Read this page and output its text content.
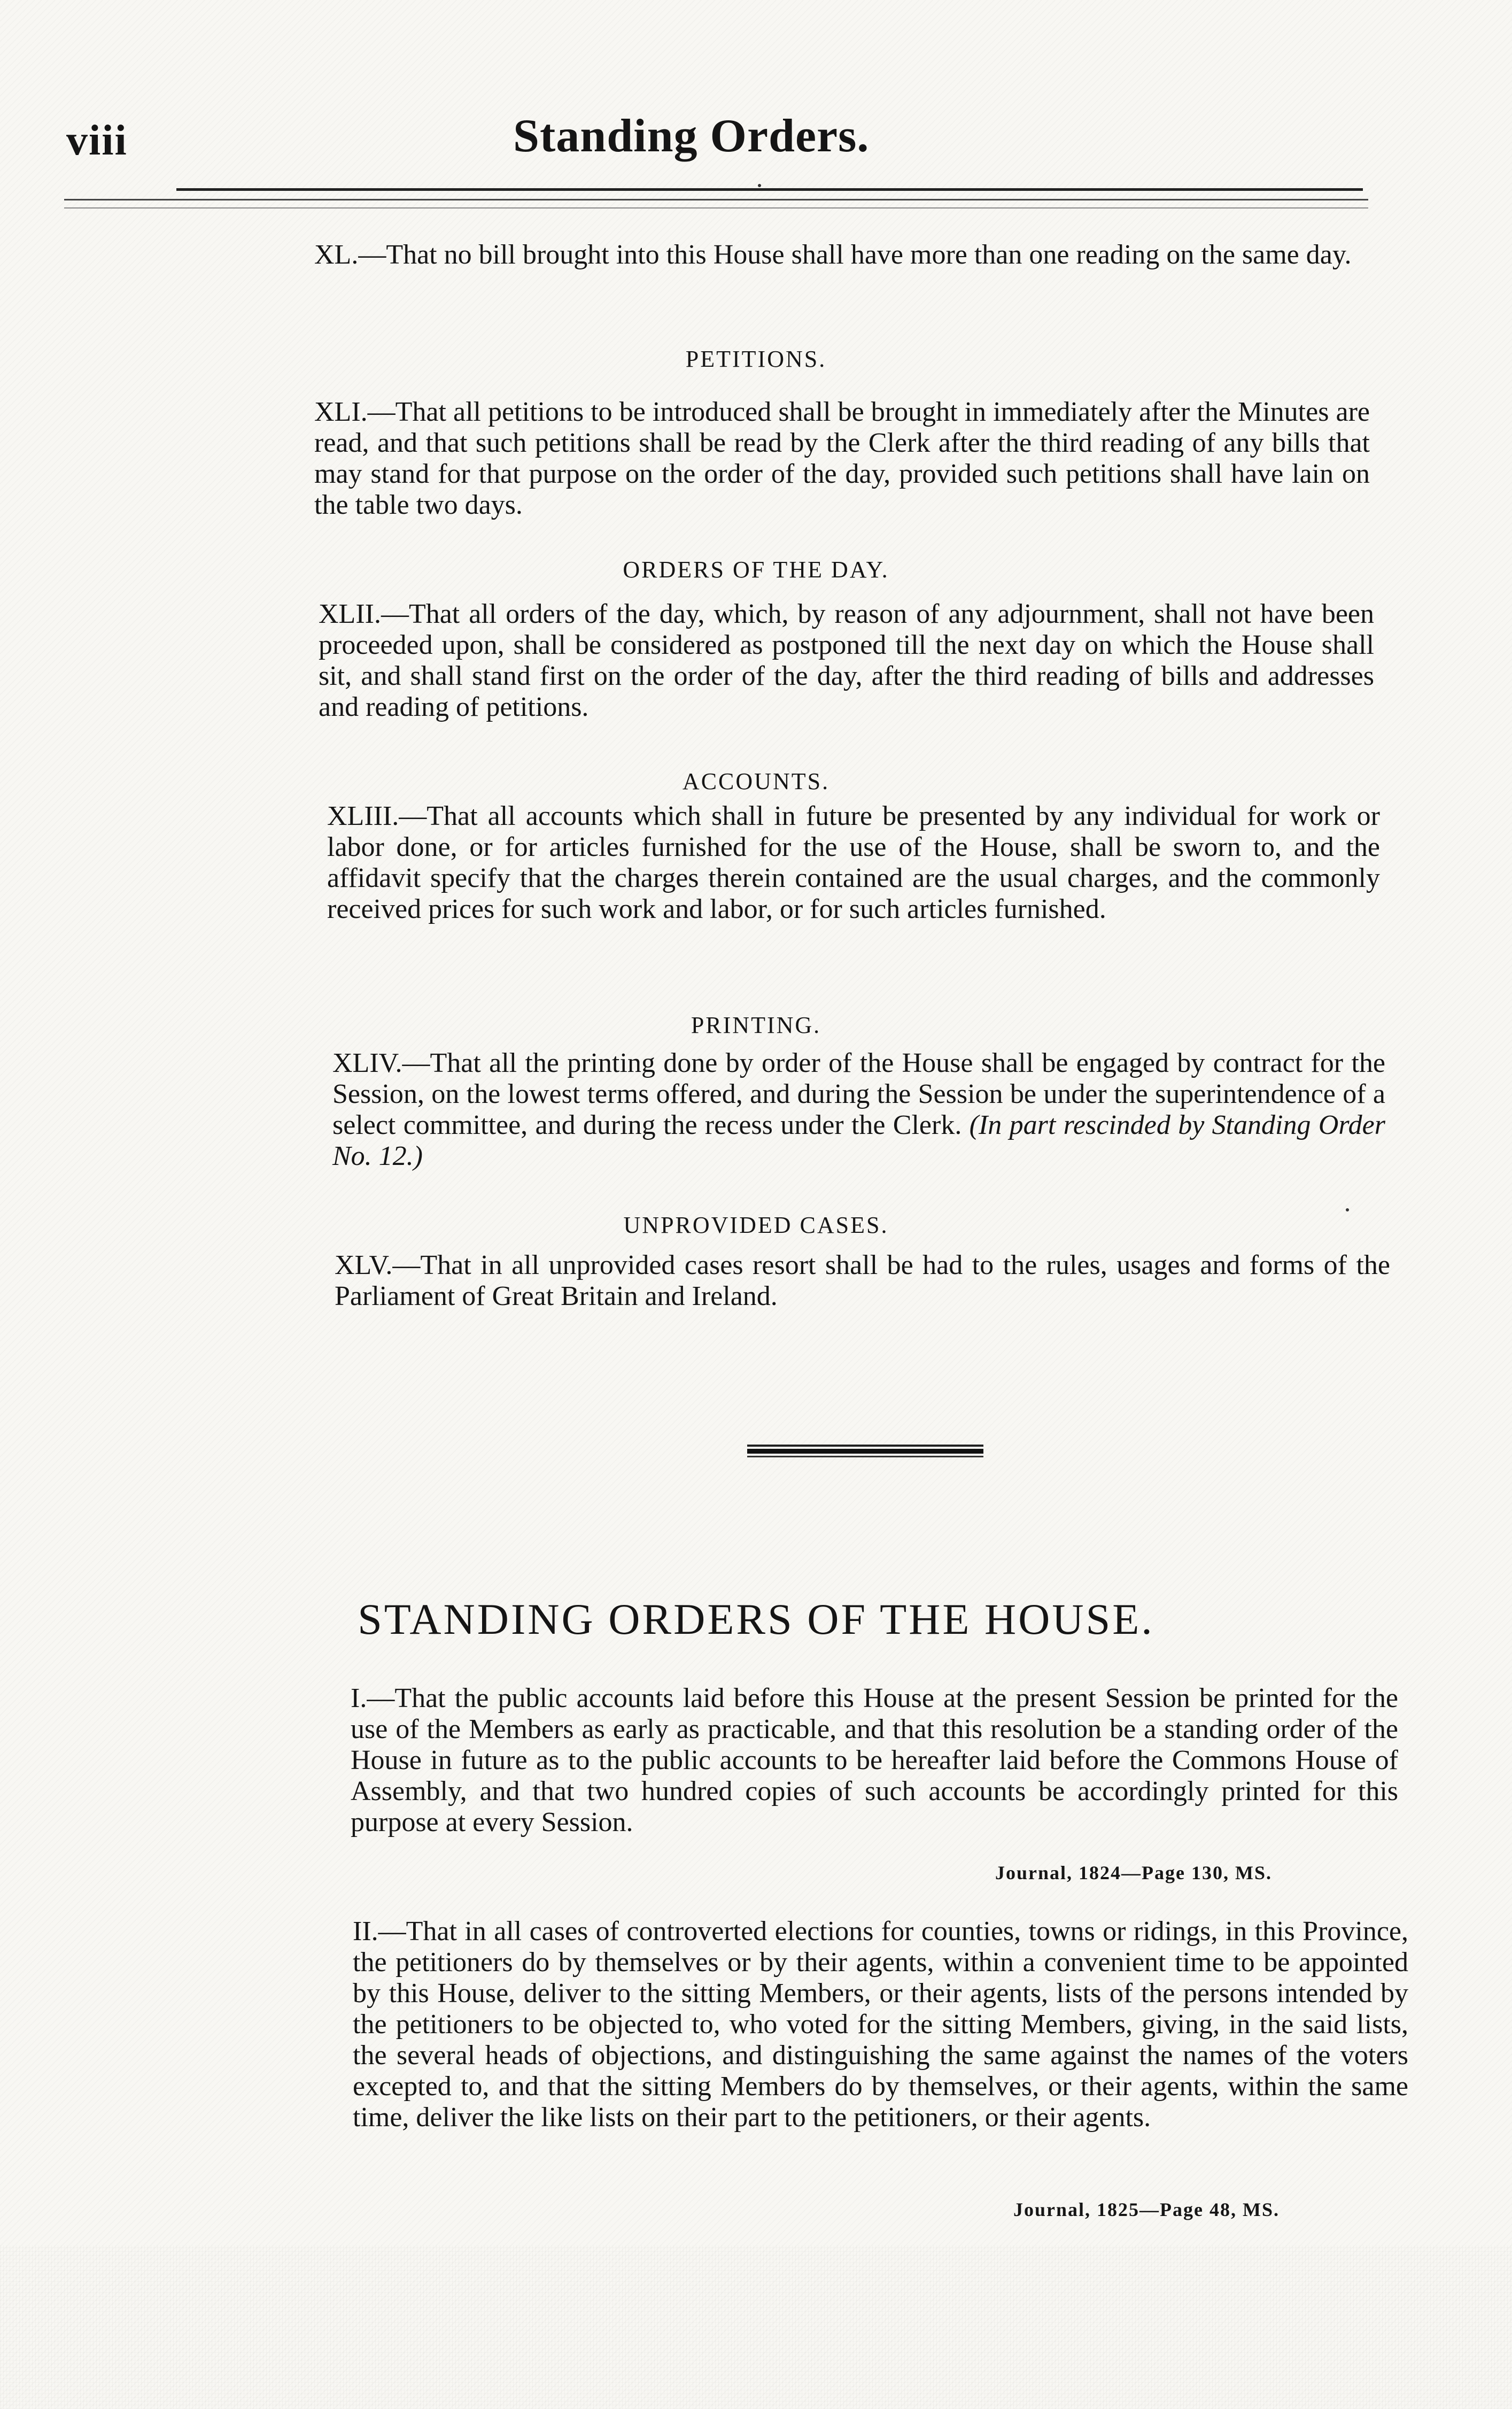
viii	Standing Orders.
XL.—That no bill brought into this House shall have more than one reading on the same day.
PETITIONS.
XLI.—That all petitions to be introduced shall be brought in immediately after the Minutes are read, and that such petitions shall be read by the Clerk after the third reading of any bills that may stand for that purpose on the order of the day, provided such petitions shall have lain on the table two days.
ORDERS OF THE DAY.
XLII.—That all orders of the day, which, by reason of any adjournment, shall not have been proceeded upon, shall be considered as postponed till the next day on which the House shall sit, and shall stand first on the order of the day, after the third reading of bills and addresses and reading of petitions.
ACCOUNTS.
XLIII.—That all accounts which shall in future be presented by any individual for work or labor done, or for articles furnished for the use of the House, shall be sworn to, and the affidavit specify that the charges therein contained are the usual charges, and the commonly received prices for such work and labor, or for such articles furnished.
PRINTING.
XLIV.—That all the printing done by order of the House shall be engaged by contract for the Session, on the lowest terms offered, and during the Session be under the superintendence of a select committee, and during the recess under the Clerk. (In part rescinded by Standing Order No. 12.)
UNPROVIDED CASES.
XLV.—That in all unprovided cases resort shall be had to the rules, usages and forms of the Parliament of Great Britain and Ireland.
STANDING ORDERS OF THE HOUSE.
I.—That the public accounts laid before this House at the present Session be printed for the use of the Members as early as practicable, and that this resolution be a standing order of the House in future as to the public accounts to be hereafter laid before the Commons House of Assembly, and that two hundred copies of such accounts be accordingly printed for this purpose at every Session.
Journal, 1824—Page 130, MS.
II.—That in all cases of controverted elections for counties, towns or ridings, in this Province, the petitioners do by themselves or by their agents, within a convenient time to be appointed by this House, deliver to the sitting Members, or their agents, lists of the persons intended by the petitioners to be objected to, who voted for the sitting Members, giving, in the said lists, the several heads of objections, and distinguishing the same against the names of the voters excepted to, and that the sitting Members do by themselves, or their agents, within the same time, deliver the like lists on their part to the petitioners, or their agents.
Journal, 1825—Page 48, MS.
